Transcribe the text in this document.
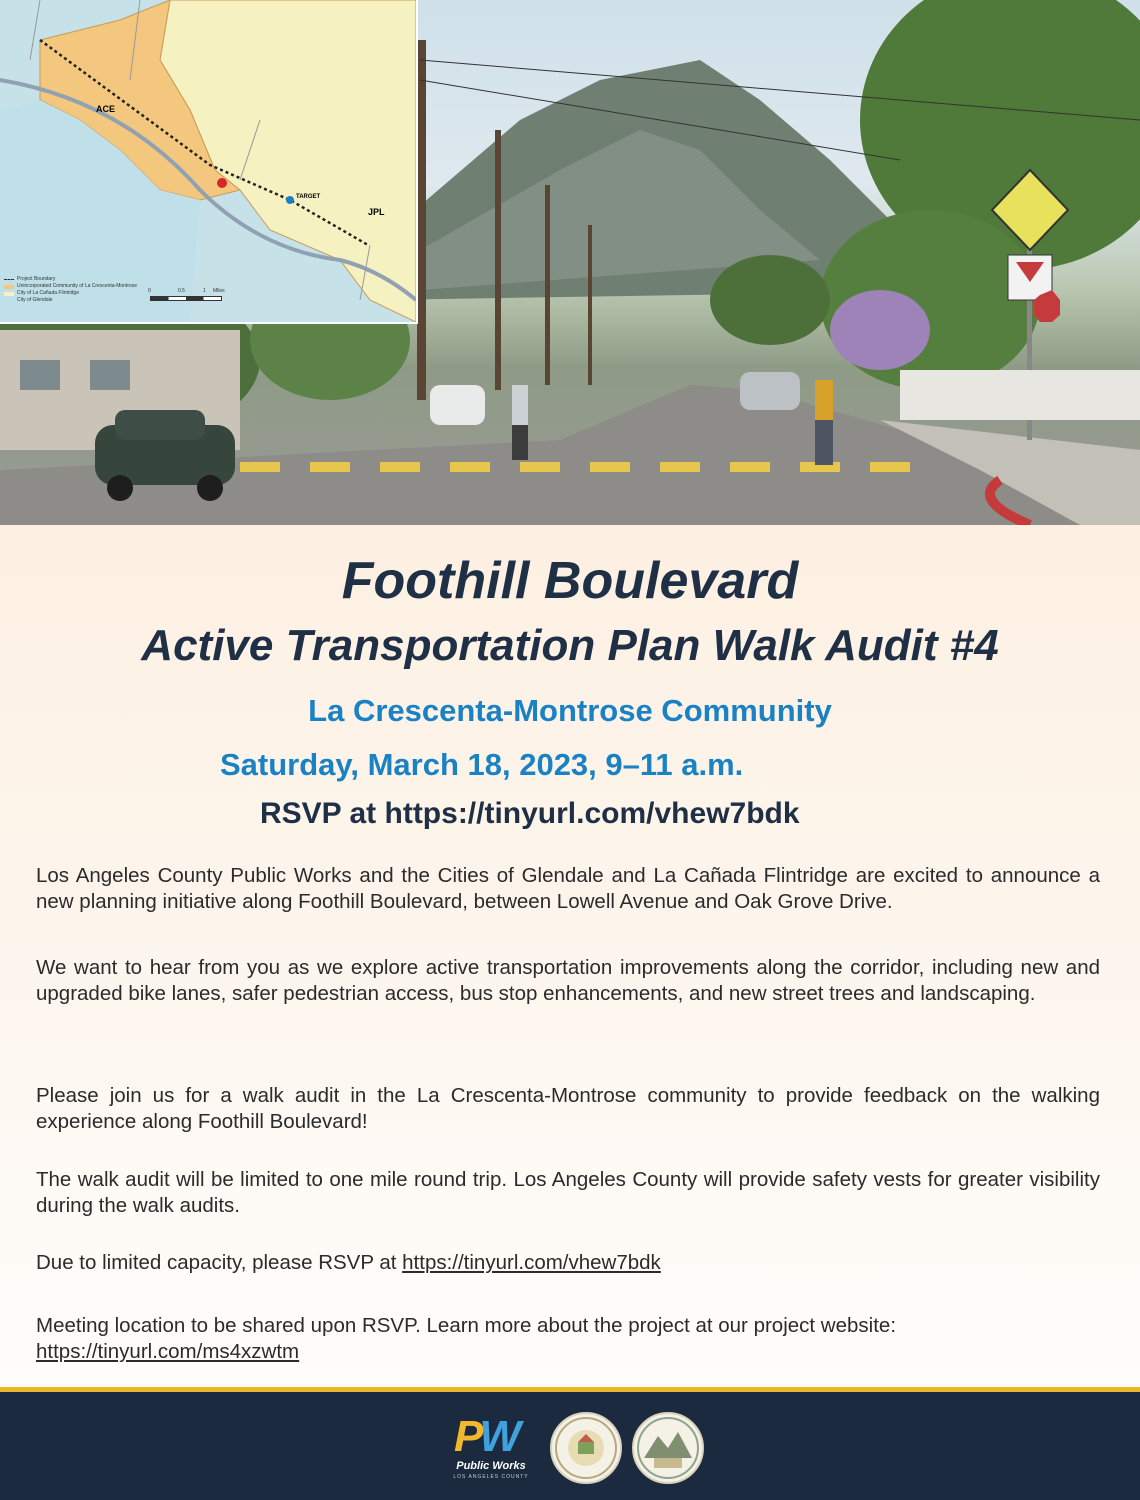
ACE
JPL
TARGET
Project Boundary
Unincorporated Community of La Crescenta-Montrose
City of La Cañada Flintridge
City of Glendale
0	0.5	1 Miles
Foothill Boulevard
Active Transportation Plan Walk Audit #4
La Crescenta-Montrose Community
Saturday, March 18, 2023, 9–11 a.m.
RSVP at https://tinyurl.com/vhew7bdk
Los Angeles County Public Works and the Cities of Glendale and La Cañada Flintridge are excited to announce a new planning initiative along Foothill Boulevard, between Lowell Avenue and Oak Grove Drive.
We want to hear from you as we explore active transportation improvements along the corridor, including new and upgraded bike lanes, safer pedestrian access, bus stop enhancements, and new street trees and landscaping.
Please join us for a walk audit in the La Crescenta-Montrose community to provide feedback on the walking experience along Foothill Boulevard!
The walk audit will be limited to one mile round trip. Los Angeles County will provide safety vests for greater visibility during the walk audits.
Due to limited capacity, please RSVP at https://tinyurl.com/vhew7bdk
Meeting location to be shared upon RSVP. Learn more about the project at our project website:
https://tinyurl.com/ms4xzwtm
PW
Public Works
LOS ANGELES COUNTY
